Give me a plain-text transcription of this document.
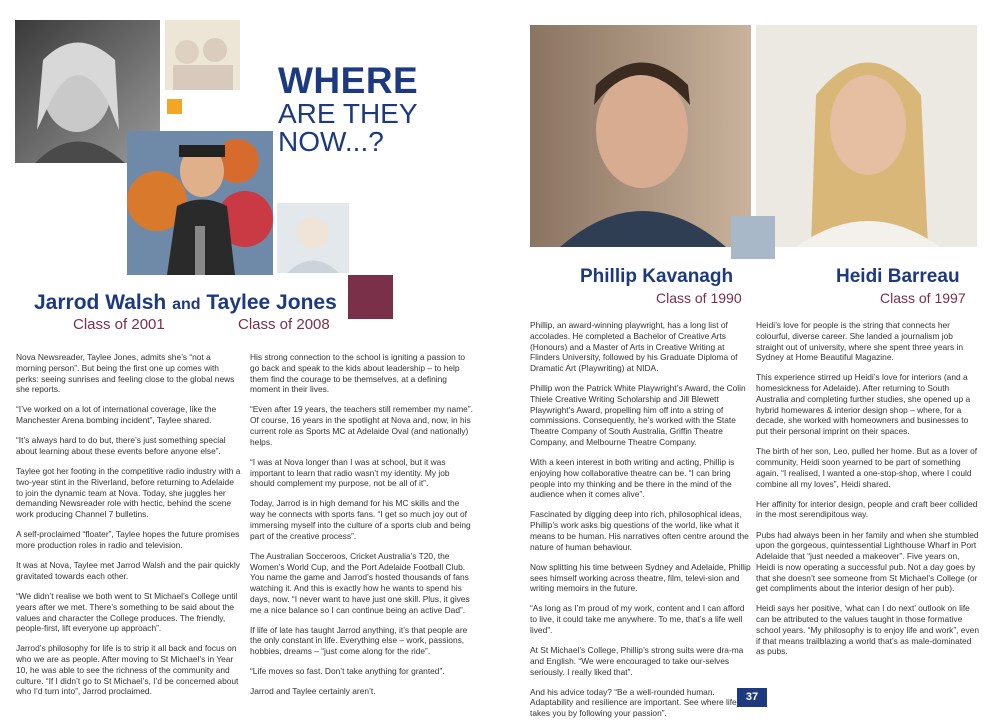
WHERE
ARE THEY
NOW...?
Jarrod Walsh and Taylee Jones
Class of 2001	Class of 2008

Nova Newsreader, Taylee Jones, admits she’s “not a morning person”. But being the first one up comes with perks: seeing sunrises and feeling close to the global news she reports.

“I’ve worked on a lot of international coverage, like the Manchester Arena bombing incident”, Taylee shared.

“It’s always hard to do but, there’s just something special about learning about these events before anyone else”.

Taylee got her footing in the competitive radio industry with a two-year stint in the Riverland, before returning to Adelaide to join the dynamic team at Nova. Today, she juggles her demanding Newsreader role with hectic, behind the scene work producing Channel 7 bulletins.

A self-proclaimed “floater”, Taylee hopes the future promises more production roles in radio and television.

It was at Nova, Taylee met Jarrod Walsh and the pair quickly gravitated towards each other.

“We didn’t realise we both went to St Michael’s College until years after we met. There’s something to be said about the values and character the College produces. The friendly, people-first, lift everyone up approach”.

Jarrod’s philosophy for life is to strip it all back and focus on who we are as people. After moving to St Michael’s in Year 10, he was able to see the richness of the community and culture. “If I didn’t go to St Michael’s, I’d be concerned about who I’d turn into”, Jarrod proclaimed.

His strong connection to the school is igniting a passion to go back and speak to the kids about leadership – to help them find the courage to be themselves, at a defining moment in their lives.

“Even after 19 years, the teachers still remember my name”. Of course, 16 years in the spotlight at Nova and, now, in his current role as Sports MC at Adelaide Oval (and nationally) helps.

“I was at Nova longer than I was at school, but it was important to learn that radio wasn’t my identity. My job should complement my purpose, not be all of it”.

Today, Jarrod is in high demand for his MC skills and the way he connects with sports fans. “I get so much joy out of immersing myself into the culture of a sports club and being part of the creative process”.

The Australian Socceroos, Cricket Australia’s T20, the Women’s World Cup, and the Port Adelaide Football Club. You name the game and Jarrod’s hosted thousands of fans watching it. And this is exactly how he wants to spend his days, now. “I never want to have just one skill. Plus, it gives me a nice balance so I can continue being an active Dad”.

If life of late has taught Jarrod anything, it’s that people are the only constant in life. Everything else – work, passions, hobbies, dreams – “just come along for the ride”.

“Life moves so fast. Don’t take anything for granted”.

Jarrod and Taylee certainly aren’t.

Phillip Kavanagh
Class of 1990
Heidi Barreau
Class of 1997

Phillip, an award-winning playwright, has a long list of accolades. He completed a Bachelor of Creative Arts (Honours) and a Master of Arts in Creative Writing at Flinders University, followed by his Graduate Diploma of Dramatic Art (Playwriting) at NIDA.

Phillip won the Patrick White Playwright’s Award, the Colin Thiele Creative Writing Scholarship and Jill Blewett Playwright’s Award, propelling him off into a string of commissions. Consequently, he’s worked with the State Theatre Company of South Australia, Griffin Theatre Company, and Melbourne Theatre Company.

With a keen interest in both writing and acting, Phillip is enjoying how collaborative theatre can be. “I can bring people into my thinking and be there in the mind of the audience when it comes alive”.

Fascinated by digging deep into rich, philosophical ideas, Phillip’s work asks big questions of the world, like what it means to be human. His narratives often centre around the nature of human behaviour.

Now splitting his time between Sydney and Adelaide, Phillip sees himself working across theatre, film, televi-sion and writing memoirs in the future.

“As long as I’m proud of my work, content and I can afford to live, it could take me anywhere. To me, that’s a life well lived”.

At St Michael’s College, Phillip’s strong suits were dra-ma and English. “We were encouraged to take our-selves seriously. I really liked that”.

And his advice today? “Be a well-rounded human. Adaptability and resilience are important. See where life takes you by following your passion”.

Heidi’s love for people is the string that connects her colourful, diverse career. She landed a journalism job straight out of university, where she spent three years in Sydney at Home Beautiful Magazine.

This experience stirred up Heidi’s love for interiors (and a homesickness for Adelaide). After returning to South Australia and completing further studies, she opened up a hybrid homewares & interior design shop – where, for a decade, she worked with homeowners and businesses to put their personal imprint on their spaces.

The birth of her son, Leo, pulled her home. But as a lover of community, Heidi soon yearned to be part of something again. “I realised, I wanted a one-stop-shop, where I could combine all my loves”, Heidi shared.

Her affinity for interior design, people and craft beer collided in the most serendipitous way.

Pubs had always been in her family and when she stumbled upon the gorgeous, quintessential Lighthouse Wharf in Port Adelaide that “just needed a makeover”. Five years on, Heidi is now operating a successful pub. Not a day goes by that she doesn’t see someone from St Michael’s College (or get compliments about the interior design of her pub).

Heidi says her positive, ‘what can I do next’ outlook on life can be attributed to the values taught in those formative school years. “My philosophy is to enjoy life and work”, even if that means trailblazing a world that’s as male-dominated as pubs.

37
